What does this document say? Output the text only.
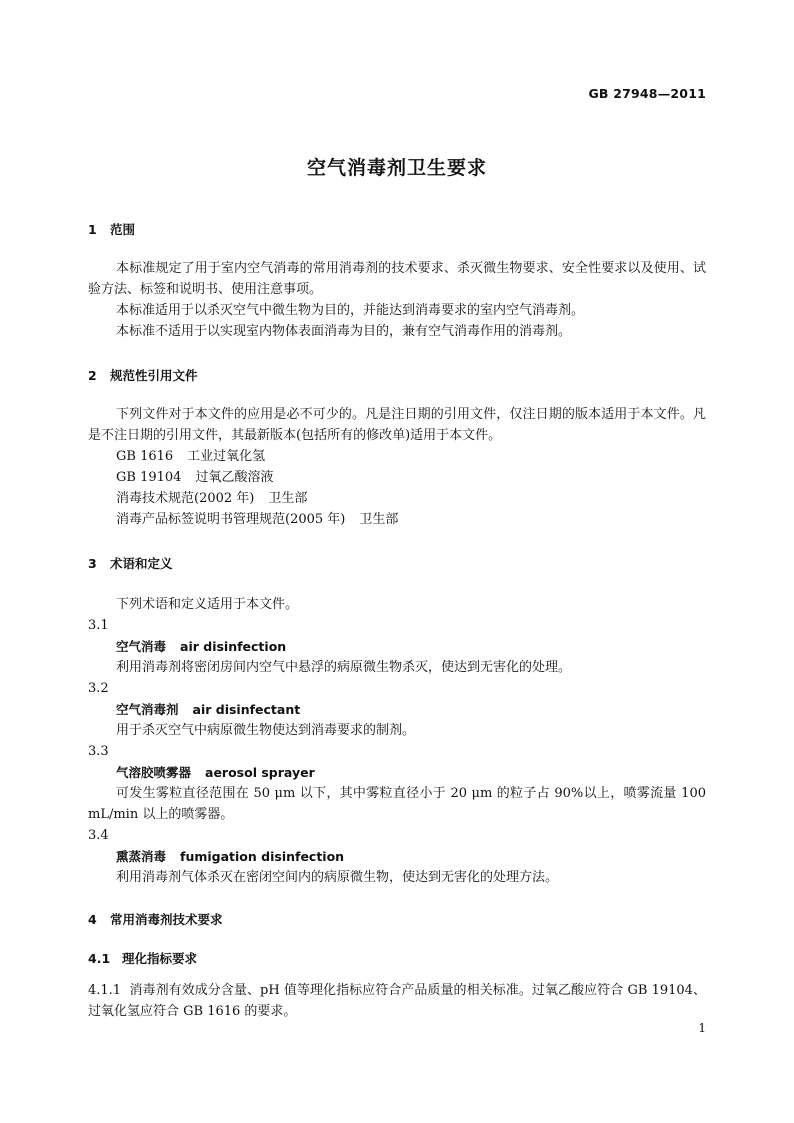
GB 27948—2011
空气消毒剂卫生要求
1 范围
本标准规定了用于室内空气消毒的常用消毒剂的技术要求、杀灭微生物要求、安全性要求以及使用、试验方法、标签和说明书、使用注意事项。
本标准适用于以杀灭空气中微生物为目的，并能达到消毒要求的室内空气消毒剂。
本标准不适用于以实现室内物体表面消毒为目的，兼有空气消毒作用的消毒剂。
2 规范性引用文件
下列文件对于本文件的应用是必不可少的。凡是注日期的引用文件，仅注日期的版本适用于本文件。凡是不注日期的引用文件，其最新版本(包括所有的修改单)适用于本文件。
GB 1616 工业过氧化氢
GB 19104 过氧乙酸溶液
消毒技术规范(2002 年) 卫生部
消毒产品标签说明书管理规范(2005 年) 卫生部
3 术语和定义
下列术语和定义适用于本文件。
3.1
空气消毒 air disinfection
利用消毒剂将密闭房间内空气中悬浮的病原微生物杀灭，使达到无害化的处理。
3.2
空气消毒剂 air disinfectant
用于杀灭空气中病原微生物使达到消毒要求的制剂。
3.3
气溶胶喷雾器 aerosol sprayer
可发生雾粒直径范围在 50 μm 以下，其中雾粒直径小于 20 μm 的粒子占 90%以上，喷雾流量 100 mL/min 以上的喷雾器。
3.4
熏蒸消毒 fumigation disinfection
利用消毒剂气体杀灭在密闭空间内的病原微生物，使达到无害化的处理方法。
4 常用消毒剂技术要求
4.1 理化指标要求
4.1.1 消毒剂有效成分含量、pH 值等理化指标应符合产品质量的相关标准。过氧乙酸应符合 GB 19104、过氧化氢应符合 GB 1616 的要求。
1
